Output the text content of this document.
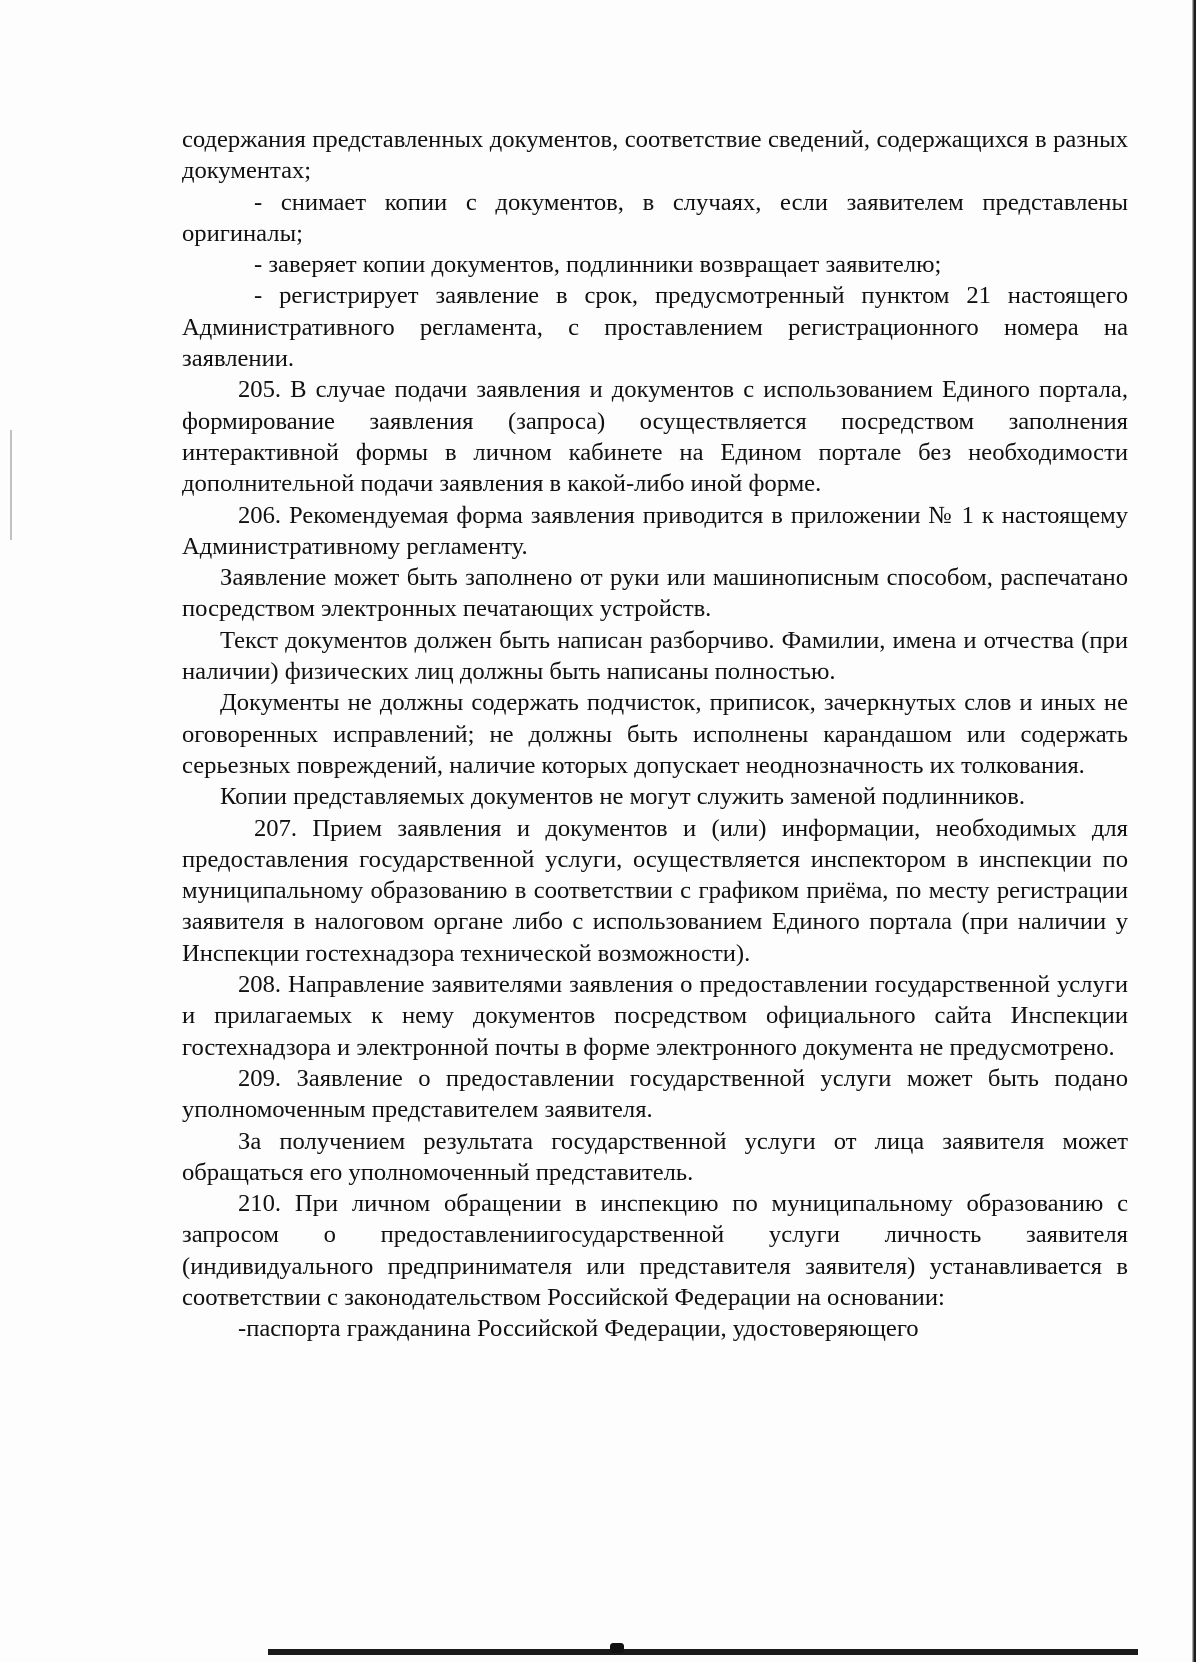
содержания представленных документов, соответствие сведений, содержащихся в разных документах;

- снимает копии с документов, в случаях, если заявителем представлены оригиналы;

- заверяет копии документов, подлинники возвращает заявителю;

- регистрирует заявление в срок, предусмотренный пунктом 21 настоящего Административного регламента, с проставлением регистрационного номера на заявлении.

205. В случае подачи заявления и документов с использованием Единого портала, формирование заявления (запроса) осуществляется посредством заполнения интерактивной формы в личном кабинете на Едином портале без необходимости дополнительной подачи заявления в какой-либо иной форме.

206. Рекомендуемая форма заявления приводится в приложении № 1 к настоящему Административному регламенту.

Заявление может быть заполнено от руки или машинописным способом, распечатано посредством электронных печатающих устройств.

Текст документов должен быть написан разборчиво. Фамилии, имена и отчества (при наличии) физических лиц должны быть написаны полностью.

Документы не должны содержать подчисток, приписок, зачеркнутых слов и иных не оговоренных исправлений; не должны быть исполнены карандашом или содержать серьезных повреждений, наличие которых допускает неоднозначность их толкования.

Копии представляемых документов не могут служить заменой подлинников.

207. Прием заявления и документов и (или) информации, необходимых для предоставления государственной услуги, осуществляется инспектором в инспекции по муниципальному образованию в соответствии с графиком приёма, по месту регистрации заявителя в налоговом органе либо с использованием Единого портала (при наличии у Инспекции гостехнадзора технической возможности).

208. Направление заявителями заявления о предоставлении государственной услуги и прилагаемых к нему документов посредством официального сайта Инспекции гостехнадзора и электронной почты в форме электронного документа не предусмотрено.

209. Заявление о предоставлении государственной услуги может быть подано уполномоченным представителем заявителя.

За получением результата государственной услуги от лица заявителя может обращаться его уполномоченный представитель.

210. При личном обращении в инспекцию по муниципальному образованию с запросом о предоставлениигосударственной услуги личность заявителя (индивидуального предпринимателя или представителя заявителя) устанавливается в соответствии с законодательством Российской Федерации на основании:

-паспорта гражданина Российской Федерации, удостоверяющего
